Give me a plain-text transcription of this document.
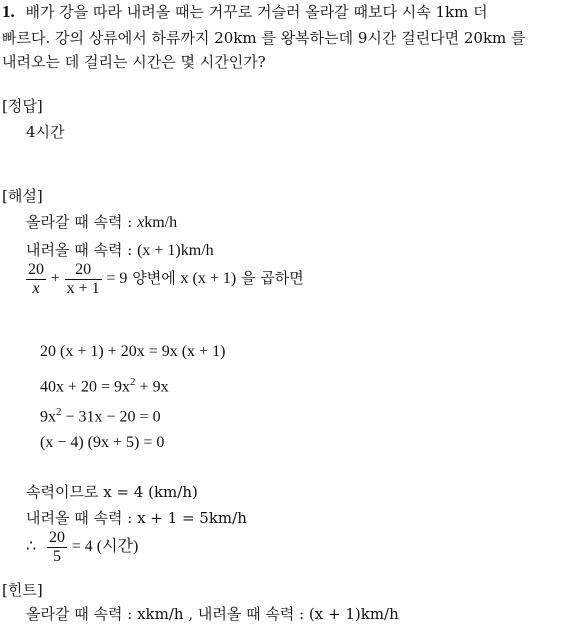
1. 배가 강을 따라 내려올 때는 거꾸로 거슬러 올라갈 때보다 시속 1km 더
빠르다. 강의 상류에서 하류까지 20km 를 왕복하는데 9시간 걸린다면 20km 를
내려오는 데 걸리는 시간은 몇 시간인가?
[정답]
4시간
[해설]
올라갈 때 속력 : xkm/h
내려올 때 속력 : (x + 1)km/h
$\frac{20}{x} + \frac{20}{x + 1} = 9$ 양변에 x (x + 1) 을 곱하면
20 (x + 1) + 20x = 9x (x + 1)
$40x + 20 = 9x^2 + 9x$
$9x^2 - 31x - 20 = 0$
(x − 4) (9x + 5) = 0
속력이므로 x = 4 (km/h)
내려올 때 속력 : x + 1 = 5km/h
∴ $\frac{20}{5} = 4$ (시간)
[힌트]
올라갈 때 속력 : xkm/h , 내려올 때 속력 : (x + 1)km/h
